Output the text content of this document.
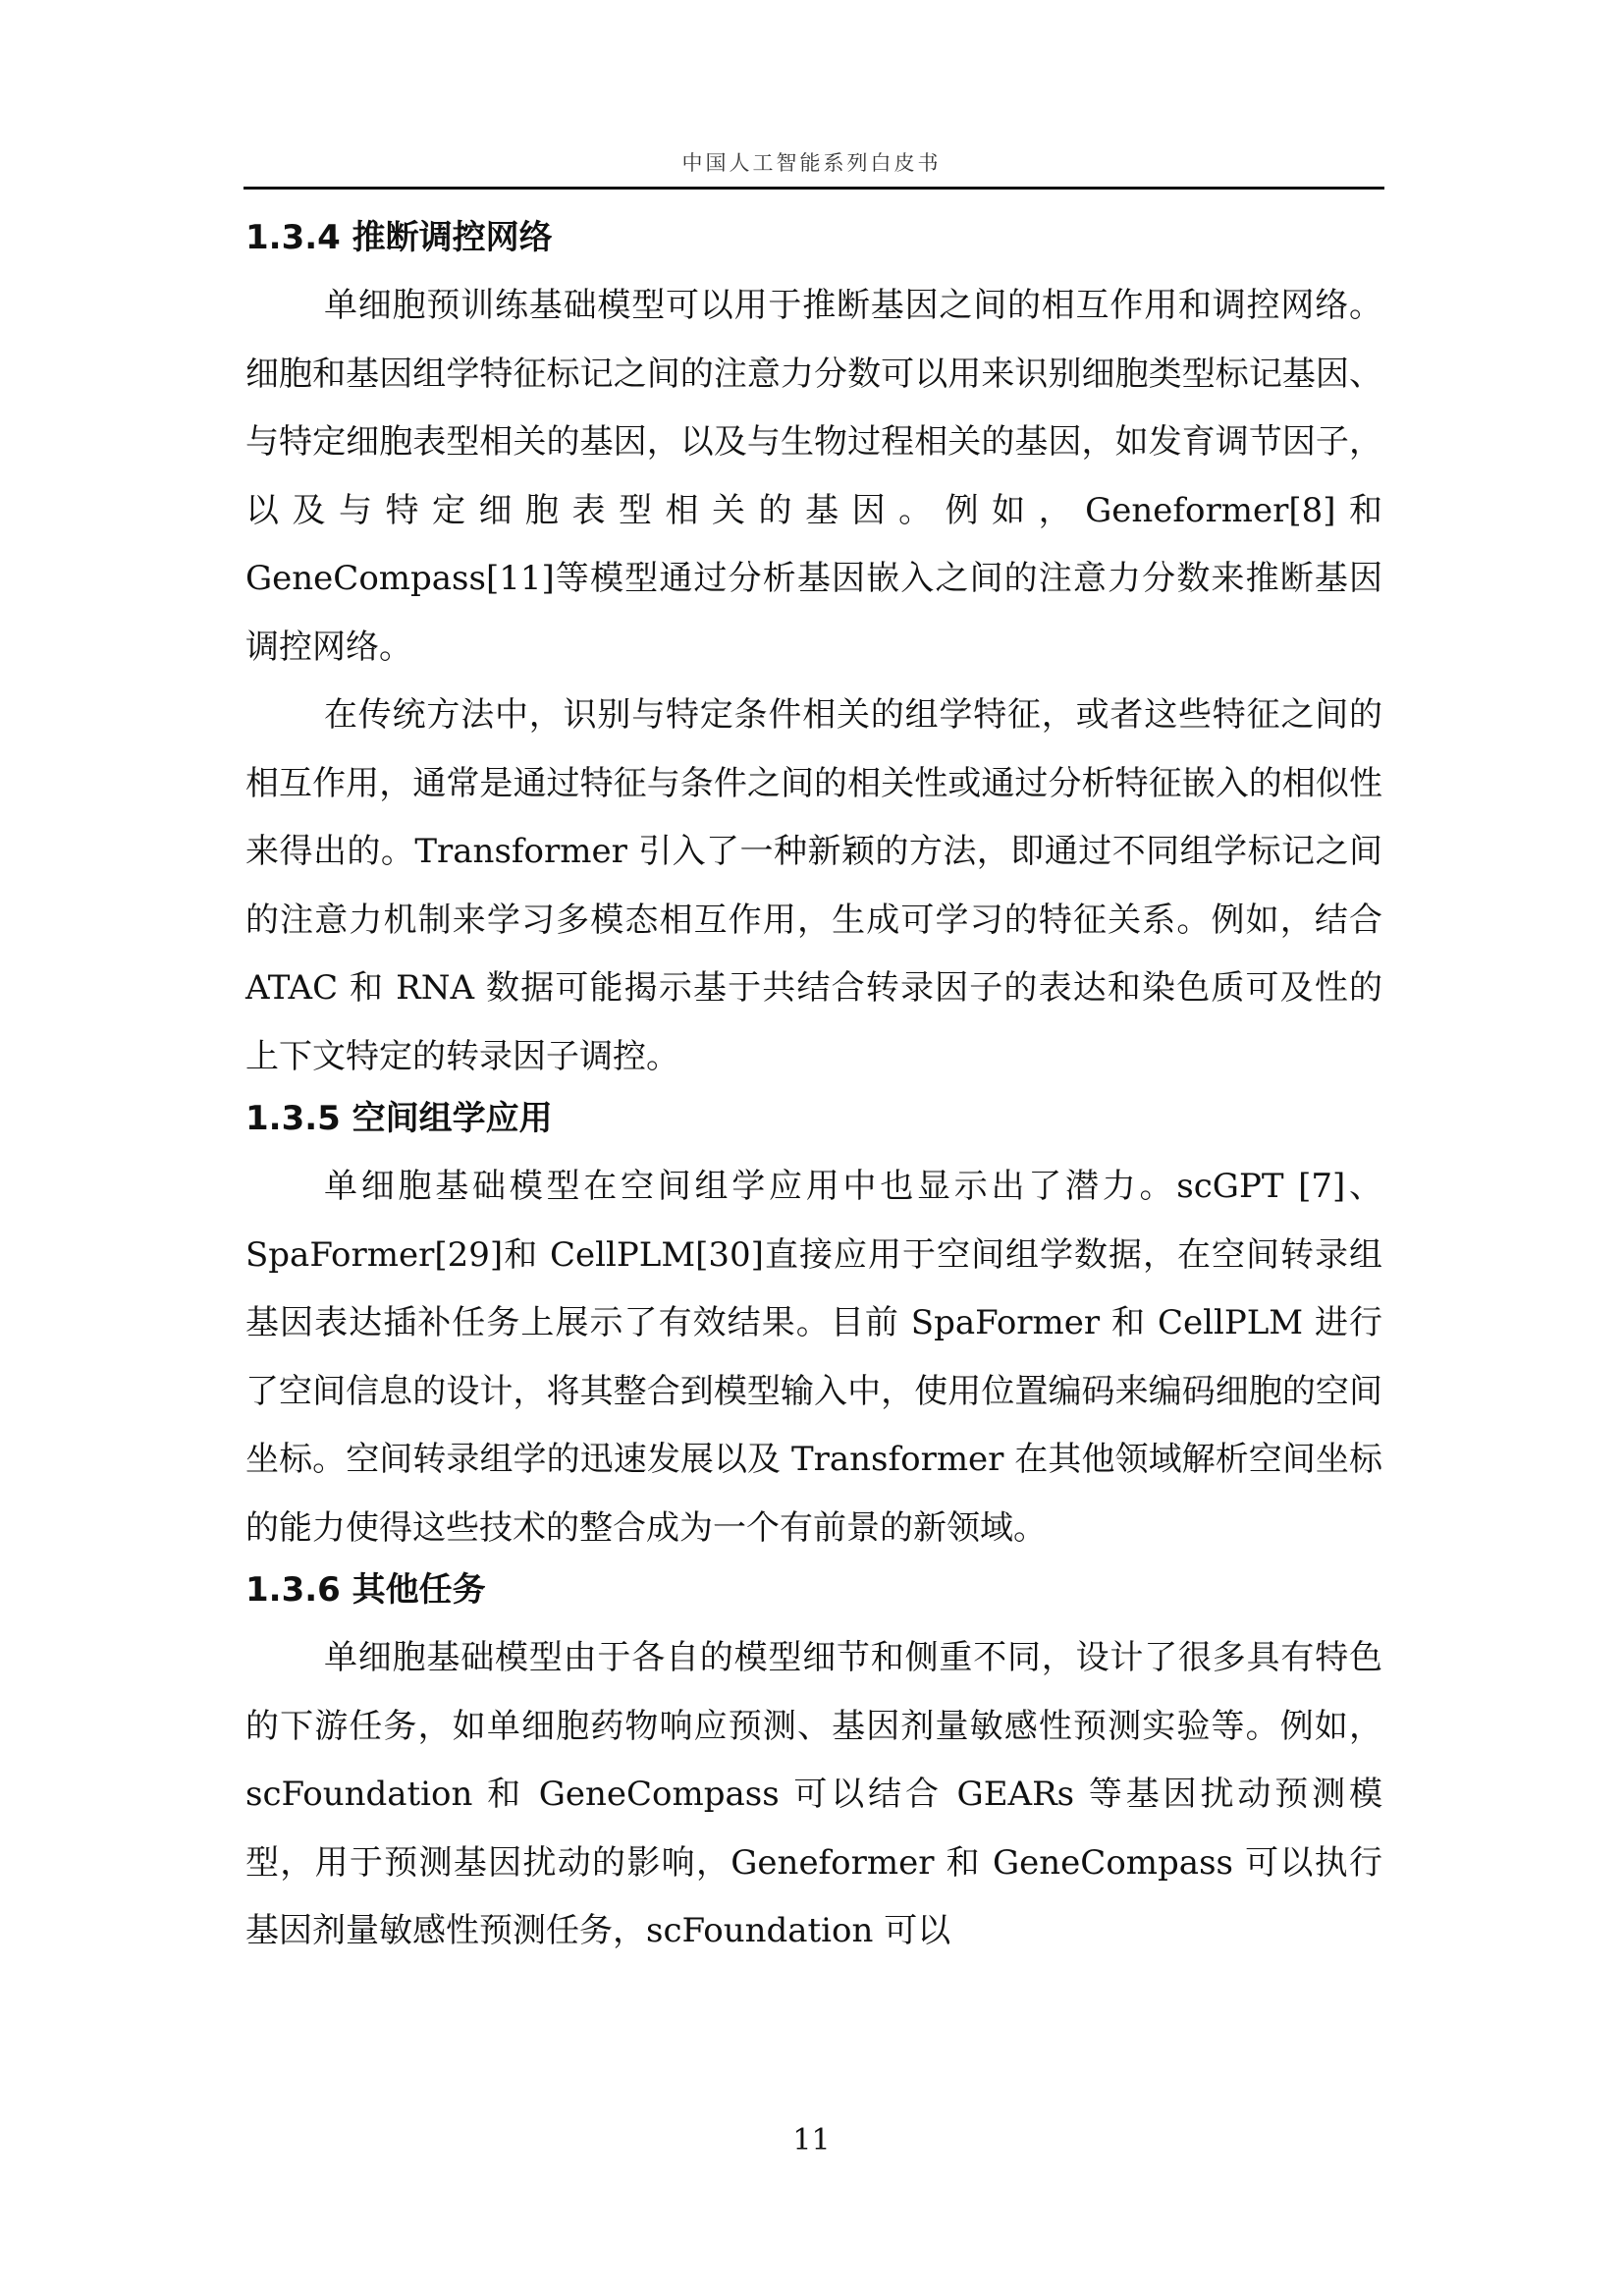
中国人工智能系列白皮书
1.3.4 推断调控网络

单细胞预训练基础模型可以用于推断基因之间的相互作用和调控网络。细胞和基因组学特征标记之间的注意力分数可以用来识别细胞类型标记基因、与特定细胞表型相关的基因，以及与生物过程相关的基因，如发育调节因子，以及与特定细胞表型相关的基因。例如，Geneformer[8]和 GeneCompass[11]等模型通过分析基因嵌入之间的注意力分数来推断基因调控网络。

在传统方法中，识别与特定条件相关的组学特征，或者这些特征之间的相互作用，通常是通过特征与条件之间的相关性或通过分析特征嵌入的相似性来得出的。Transformer 引入了一种新颖的方法，即通过不同组学标记之间的注意力机制来学习多模态相互作用，生成可学习的特征关系。例如，结合 ATAC 和 RNA 数据可能揭示基于共结合转录因子的表达和染色质可及性的上下文特定的转录因子调控。

1.3.5 空间组学应用

单细胞基础模型在空间组学应用中也显示出了潜力。scGPT [7]、SpaFormer[29]和 CellPLM[30]直接应用于空间组学数据，在空间转录组基因表达插补任务上展示了有效结果。目前 SpaFormer 和 CellPLM 进行了空间信息的设计，将其整合到模型输入中，使用位置编码来编码细胞的空间坐标。空间转录组学的迅速发展以及 Transformer 在其他领域解析空间坐标的能力使得这些技术的整合成为一个有前景的新领域。

1.3.6 其他任务

单细胞基础模型由于各自的模型细节和侧重不同，设计了很多具有特色的下游任务，如单细胞药物响应预测、基因剂量敏感性预测实验等。例如，scFoundation 和 GeneCompass 可以结合 GEARs 等基因扰动预测模型，用于预测基因扰动的影响，Geneformer 和 GeneCompass 可以执行基因剂量敏感性预测任务，scFoundation 可以

11
